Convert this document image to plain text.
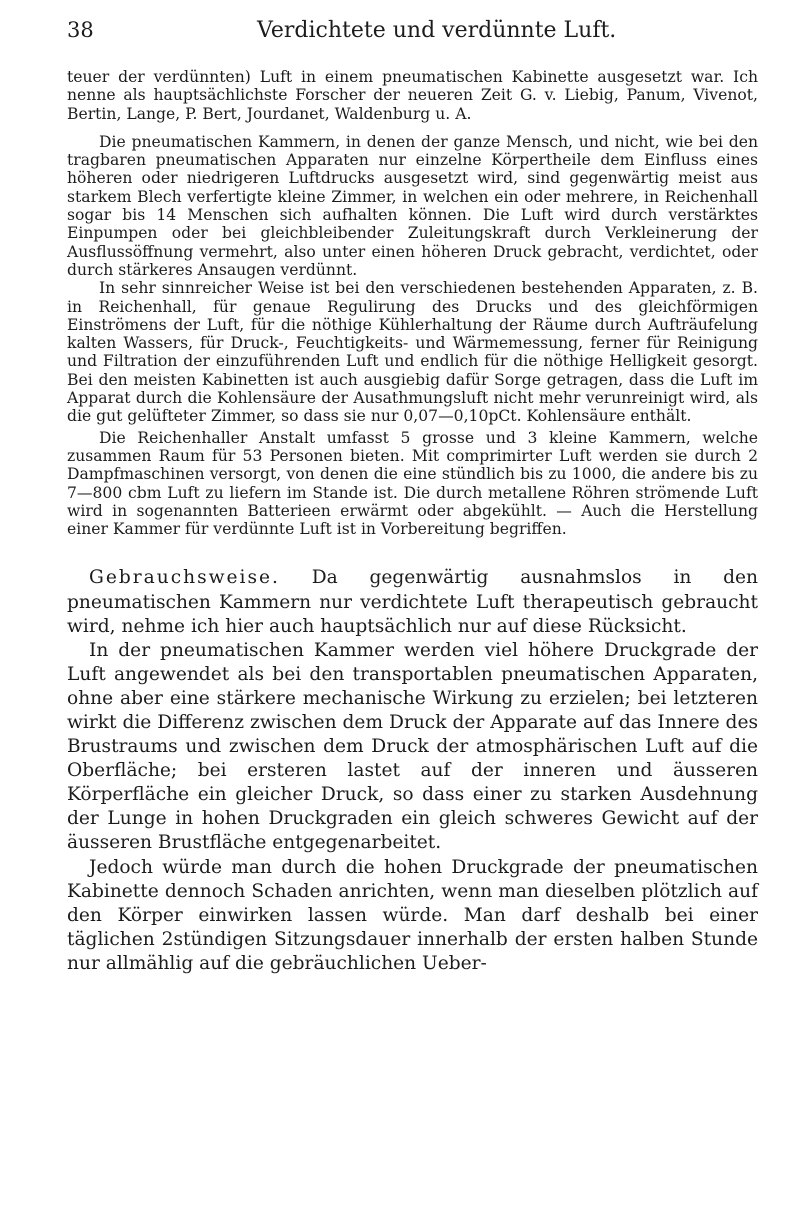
38	Verdichtete und verdünnte Luft.

teuer der verdünnten) Luft in einem pneumatischen Kabinette ausgesetzt war. Ich nenne als hauptsächlichste Forscher der neueren Zeit G. v. Liebig, Panum, Vivenot, Bertin, Lange, P. Bert, Jourdanet, Waldenburg u. A.

Die pneumatischen Kammern, in denen der ganze Mensch, und nicht, wie bei den tragbaren pneumatischen Apparaten nur einzelne Körpertheile dem Einfluss eines höheren oder niedrigeren Luftdrucks ausgesetzt wird, sind gegenwärtig meist aus starkem Blech verfertigte kleine Zimmer, in welchen ein oder mehrere, in Reichenhall sogar bis 14 Menschen sich aufhalten können. Die Luft wird durch verstärktes Einpumpen oder bei gleichbleibender Zuleitungskraft durch Verkleinerung der Ausflussöffnung vermehrt, also unter einen höheren Druck gebracht, verdichtet, oder durch stärkeres Ansaugen verdünnt.

In sehr sinnreicher Weise ist bei den verschiedenen bestehenden Apparaten, z. B. in Reichenhall, für genaue Regulirung des Drucks und des gleichförmigen Einströmens der Luft, für die nöthige Kühlerhaltung der Räume durch Aufträufelung kalten Wassers, für Druck-, Feuchtigkeits- und Wärmemessung, ferner für Reinigung und Filtration der einzuführenden Luft und endlich für die nöthige Helligkeit gesorgt. Bei den meisten Kabinetten ist auch ausgiebig dafür Sorge getragen, dass die Luft im Apparat durch die Kohlensäure der Ausathmungsluft nicht mehr verunreinigt wird, als die gut gelüfteter Zimmer, so dass sie nur 0,07—0,10pCt. Kohlensäure enthält.

Die Reichenhaller Anstalt umfasst 5 grosse und 3 kleine Kammern, welche zusammen Raum für 53 Personen bieten. Mit comprimirter Luft werden sie durch 2 Dampfmaschinen versorgt, von denen die eine stündlich bis zu 1000, die andere bis zu 7—800 cbm Luft zu liefern im Stande ist. Die durch metallene Röhren strömende Luft wird in sogenannten Batterieen erwärmt oder abgekühlt. — Auch die Herstellung einer Kammer für verdünnte Luft ist in Vorbereitung begriffen.

Gebrauchsweise. Da gegenwärtig ausnahmslos in den pneumatischen Kammern nur verdichtete Luft therapeutisch gebraucht wird, nehme ich hier auch hauptsächlich nur auf diese Rücksicht.

In der pneumatischen Kammer werden viel höhere Druckgrade der Luft angewendet als bei den transportablen pneumatischen Apparaten, ohne aber eine stärkere mechanische Wirkung zu erzielen; bei letzteren wirkt die Differenz zwischen dem Druck der Apparate auf das Innere des Brustraums und zwischen dem Druck der atmosphärischen Luft auf die Oberfläche; bei ersteren lastet auf der inneren und äusseren Körperfläche ein gleicher Druck, so dass einer zu starken Ausdehnung der Lunge in hohen Druckgraden ein gleich schweres Gewicht auf der äusseren Brustfläche entgegenarbeitet.

Jedoch würde man durch die hohen Druckgrade der pneumatischen Kabinette dennoch Schaden anrichten, wenn man dieselben plötzlich auf den Körper einwirken lassen würde. Man darf deshalb bei einer täglichen 2stündigen Sitzungsdauer innerhalb der ersten halben Stunde nur allmählig auf die gebräuchlichen Ueber-
